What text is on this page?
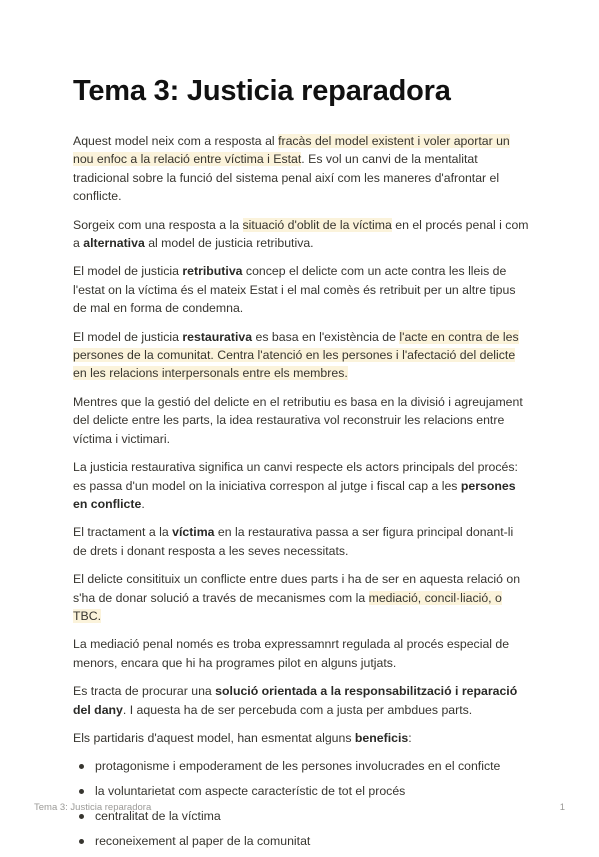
Tema 3: Justicia reparadora

Aquest model neix com a resposta al fracàs del model existent i voler aportar un nou enfoc a la relació entre víctima i Estat. Es vol un canvi de la mentalitat tradicional sobre la funció del sistema penal així com les maneres d'afrontar el conflicte.

Sorgeix com una resposta a la situació d'oblit de la víctima en el procés penal i com a alternativa al model de justicia retributiva.

El model de justicia retributiva concep el delicte com un acte contra les lleis de l'estat on la víctima és el mateix Estat i el mal comès és retribuit per un altre tipus de mal en forma de condemna.

El model de justicia restaurativa es basa en l'existència de l'acte en contra de les persones de la comunitat. Centra l'atenció en les persones i l'afectació del delicte en les relacions interpersonals entre els membres.

Mentres que la gestió del delicte en el retributiu es basa en la divisió i agreujament del delicte entre les parts, la idea restaurativa vol reconstruir les relacions entre víctima i victimari.

La justicia restaurativa significa un canvi respecte els actors principals del procés: es passa d'un model on la iniciativa correspon al jutge i fiscal cap a les persones en conflicte.

El tractament a la víctima en la restaurativa passa a ser figura principal donant-li de drets i donant resposta a les seves necessitats.

El delicte consitituix un conflicte entre dues parts i ha de ser en aquesta relació on s'ha de donar solució a través de mecanismes com la mediació, concil·liació, o TBC.

La mediació penal només es troba expressamnrt regulada al procés especial de menors, encara que hi ha programes pilot en alguns jutjats.

Es tracta de procurar una solució orientada a la responsabilització i reparació del dany. I aquesta ha de ser percebuda com a justa per ambdues parts.

Els partidaris d'aquest model, han esmentat alguns beneficis:

protagonisme i empoderament de les persones involucrades en el conficte
la voluntarietat com aspecte característic de tot el procés
centralitat de la víctima
reconeixement al paper de la comunitat
Tema 3: Justicia reparadora	1
